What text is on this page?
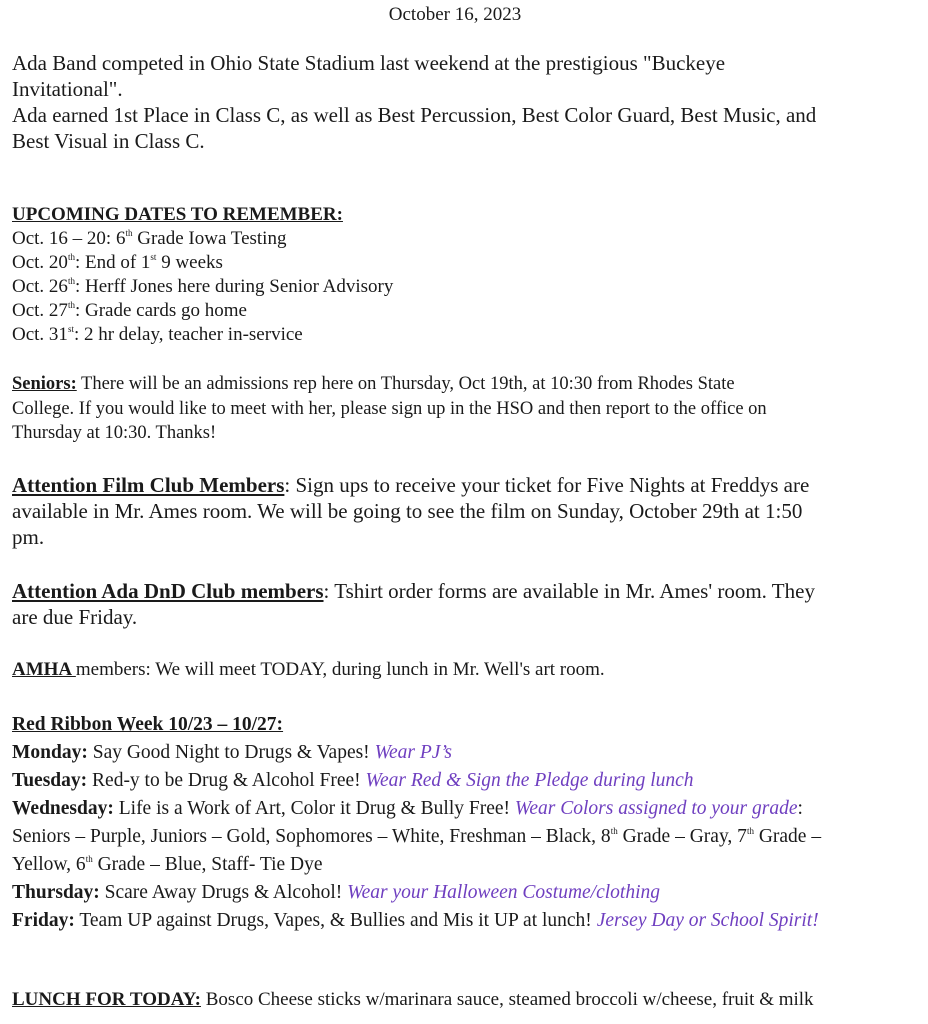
October 16, 2023
Ada Band competed in Ohio State Stadium last weekend at the prestigious "Buckeye
Invitational".
Ada earned 1st Place in Class C, as well as Best Percussion, Best Color Guard, Best Music, and
Best Visual in Class C.
UPCOMING DATES TO REMEMBER:
Oct. 16 – 20: 6th Grade Iowa Testing
Oct. 20th: End of 1st 9 weeks
Oct. 26th: Herff Jones here during Senior Advisory
Oct. 27th: Grade cards go home
Oct. 31st: 2 hr delay, teacher in-service
Seniors: There will be an admissions rep here on Thursday, Oct 19th, at 10:30 from Rhodes State
College. If you would like to meet with her, please sign up in the HSO and then report to the office on
Thursday at 10:30. Thanks!
Attention Film Club Members: Sign ups to receive your ticket for Five Nights at Freddys are
available in Mr. Ames room. We will be going to see the film on Sunday, October 29th at 1:50
pm.
Attention Ada DnD Club members: Tshirt order forms are available in Mr. Ames' room. They
are due Friday.
AMHA members: We will meet TODAY, during lunch in Mr. Well's art room.
Red Ribbon Week 10/23 – 10/27:
Monday: Say Good Night to Drugs & Vapes! Wear PJ’s
Tuesday: Red-y to be Drug & Alcohol Free! Wear Red & Sign the Pledge during lunch
Wednesday: Life is a Work of Art, Color it Drug & Bully Free! Wear Colors assigned to your grade:
Seniors – Purple, Juniors – Gold, Sophomores – White, Freshman – Black, 8th Grade – Gray, 7th Grade –
Yellow, 6th Grade – Blue, Staff- Tie Dye
Thursday: Scare Away Drugs & Alcohol! Wear your Halloween Costume/clothing
Friday: Team UP against Drugs, Vapes, & Bullies and Mis it UP at lunch! Jersey Day or School Spirit!
LUNCH FOR TODAY: Bosco Cheese sticks w/marinara sauce, steamed broccoli w/cheese, fruit & milk
